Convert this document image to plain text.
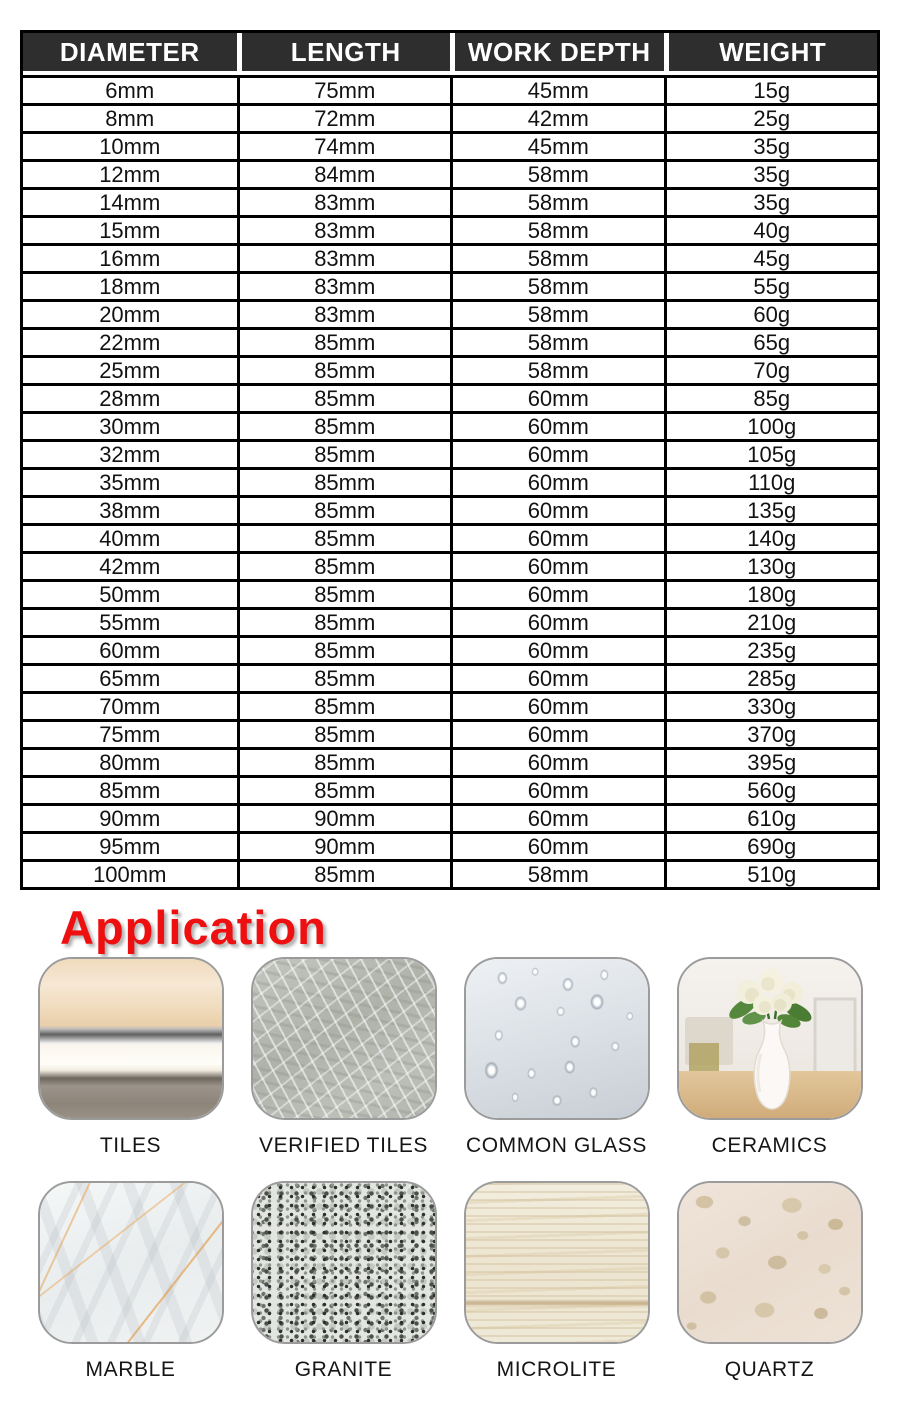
DIAMETER	LENGTH	WORK DEPTH	WEIGHT
6mm	75mm	45mm	15g
8mm	72mm	42mm	25g
10mm	74mm	45mm	35g
12mm	84mm	58mm	35g
14mm	83mm	58mm	35g
15mm	83mm	58mm	40g
16mm	83mm	58mm	45g
18mm	83mm	58mm	55g
20mm	83mm	58mm	60g
22mm	85mm	58mm	65g
25mm	85mm	58mm	70g
28mm	85mm	60mm	85g
30mm	85mm	60mm	100g
32mm	85mm	60mm	105g
35mm	85mm	60mm	110g
38mm	85mm	60mm	135g
40mm	85mm	60mm	140g
42mm	85mm	60mm	130g
50mm	85mm	60mm	180g
55mm	85mm	60mm	210g
60mm	85mm	60mm	235g
65mm	85mm	60mm	285g
70mm	85mm	60mm	330g
75mm	85mm	60mm	370g
80mm	85mm	60mm	395g
85mm	85mm	60mm	560g
90mm	90mm	60mm	610g
95mm	90mm	60mm	690g
100mm	85mm	58mm	510g
Application
TILES	VERIFIED TILES	COMMON GLASS	CERAMICS
MARBLE	GRANITE	MICROLITE	QUARTZ
